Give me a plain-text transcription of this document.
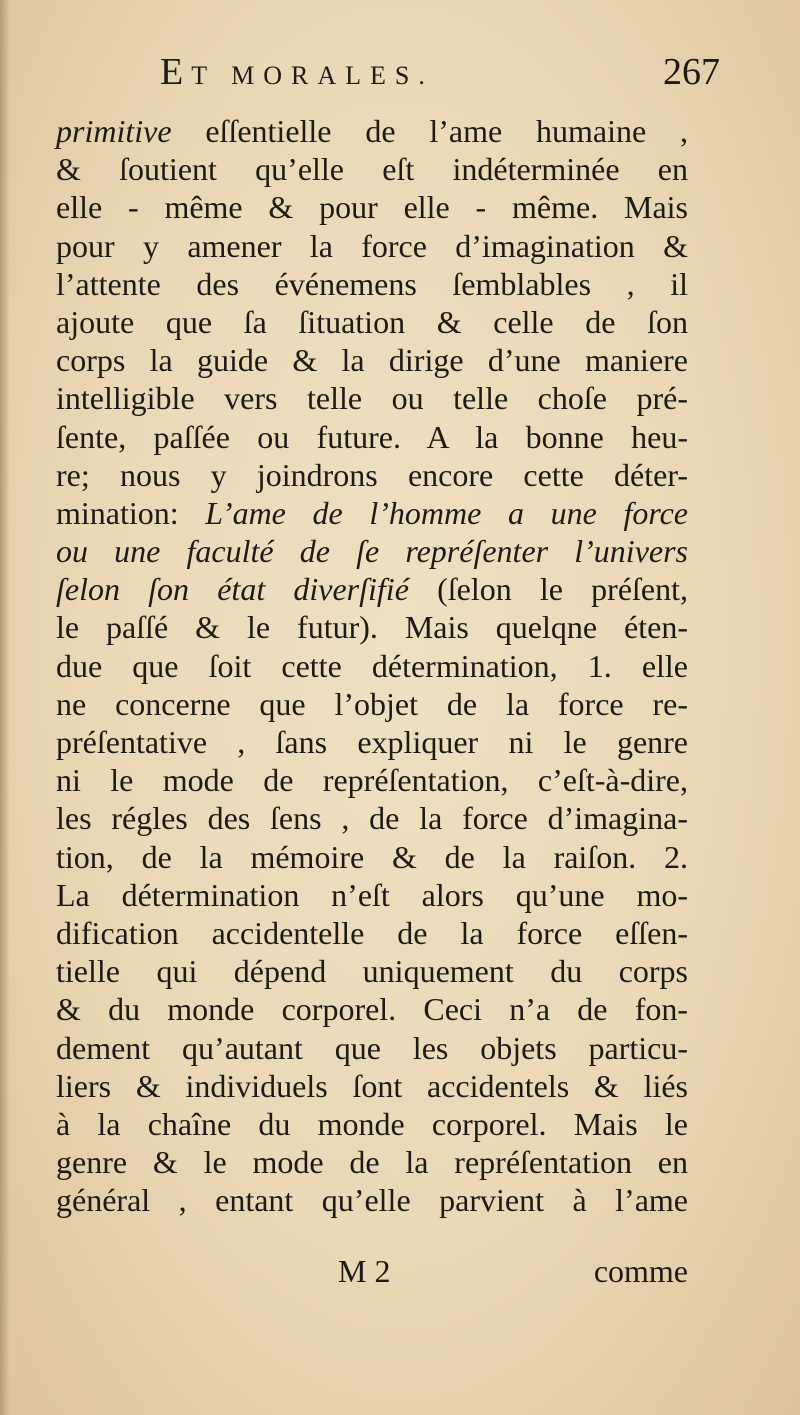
ET MORALES.	267
primitive eſſentielle de l’ame humaine ,
& ſoutient qu’elle eſt indéterminée en
elle - même & pour elle - même. Mais
pour y amener la force d’imagination &
l’attente des événemens ſemblables , il
ajoute que ſa ſituation & celle de ſon
corps la guide & la dirige d’une maniere
intelligible vers telle ou telle choſe pré-
ſente, paſſée ou future. A la bonne heu-
re; nous y joindrons encore cette déter-
mination: L’ame de l’homme a une force
ou une faculté de ſe repréſenter l’univers
ſelon ſon état diverſifié (ſelon le préſent,
le paſſé & le futur). Mais quelqne éten-
due que ſoit cette détermination, 1. elle
ne concerne que l’objet de la force re-
préſentative , ſans expliquer ni le genre
ni le mode de repréſentation, c’eſt-à-dire,
les régles des ſens , de la force d’imagina-
tion, de la mémoire & de la raiſon. 2.
La détermination n’eſt alors qu’une mo-
dification accidentelle de la force eſſen-
tielle qui dépend uniquement du corps
& du monde corporel. Ceci n’a de fon-
dement qu’autant que les objets particu-
liers & individuels ſont accidentels & liés
à la chaîne du monde corporel. Mais le
genre & le mode de la repréſentation en
général , entant qu’elle parvient à l’ame
M 2	comme
